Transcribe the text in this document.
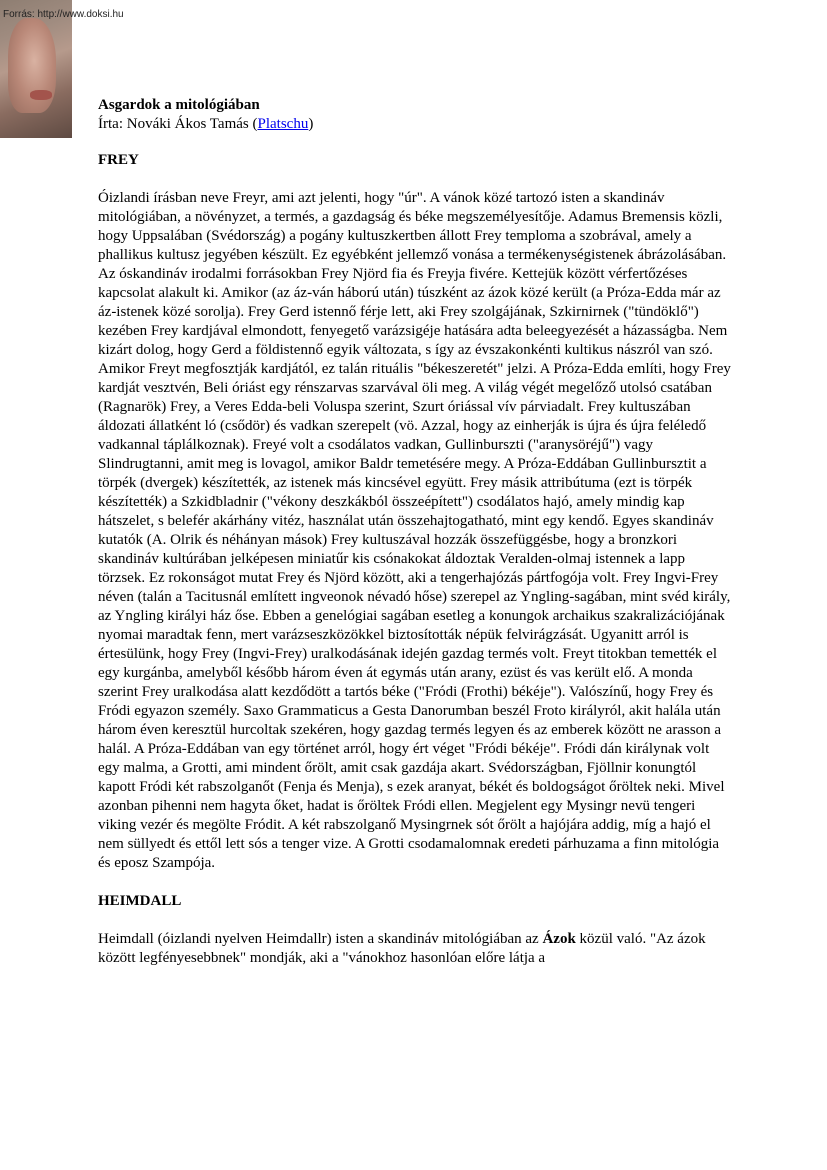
Forrás: http://www.doksi.hu

Asgardok a mitológiában

Írta: Nováki Ákos Tamás (Platschu)

FREY

Óizlandi írásban neve Freyr, ami azt jelenti, hogy "úr". A vánok közé tartozó isten a skandináv mitológiában, a növényzet, a termés, a gazdagság és béke megszemélyesítője. Adamus Bremensis közli, hogy Uppsalában (Svédország) a pogány kultuszkertben állott Frey temploma a szobrával, amely a phallikus kultusz jegyében készült. Ez egyébként jellemző vonása a termékenységistenek ábrázolásában. Az óskandináv irodalmi forrásokban Frey Njörd fia és Freyja fivére. Kettejük között vérfertőzéses kapcsolat alakult ki. Amikor (az áz-ván háború után) túszként az ázok közé került (a Próza-Edda már az áz-istenek közé sorolja). Frey Gerd istennő férje lett, aki Frey szolgájának, Szkirnirnek ("tündöklő") kezében Frey kardjával elmondott, fenyegető varázsigéje hatására adta beleegyezését a házasságba. Nem kizárt dolog, hogy Gerd a földistennő egyik változata, s így az évszakonkénti kultikus nászról van szó. Amikor Freyt megfosztják kardjától, ez talán rituális "békeszeretét" jelzi. A Próza-Edda említi, hogy Frey kardját vesztvén, Beli óriást egy rénszarvas szarvával öli meg. A világ végét megelőző utolsó csatában (Ragnarök) Frey, a Veres Edda-beli Voluspa szerint, Szurt óriással vív párviadalt. Frey kultuszában áldozati állatként ló (csődör) és vadkan szerepelt (vö. Azzal, hogy az einherják is újra és újra feléledő vadkannal táplálkoznak). Freyé volt a csodálatos vadkan, Gullinburszti ("aranysöréjű") vagy Slindrugtanni, amit meg is lovagol, amikor Baldr temetésére megy. A Próza-Eddában Gullinbursztit a törpék (dvergek) készítették, az istenek más kincsével együtt. Frey másik attribútuma (ezt is törpék készítették) a Szkidbladnir ("vékony deszkákból összeépített") csodálatos hajó, amely mindig kap hátszelet, s belefér akárhány vitéz, használat után összehajtogatható, mint egy kendő. Egyes skandináv kutatók (A. Olrik és néhányan mások) Frey kultuszával hozzák összefüggésbe, hogy a bronzkori skandináv kultúrában jelképesen miniatűr kis csónakokat áldoztak Veralden-olmaj istennek a lapp törzsek. Ez rokonságot mutat Frey és Njörd között, aki a tengerhajózás pártfogója volt. Frey Ingvi-Frey néven (talán a Tacitusnál említett ingveonok névadó hőse) szerepel az Yngling-sagában, mint svéd király, az Yngling királyi ház őse. Ebben a genelógiai sagában esetleg a konungok archaikus szakralizációjának nyomai maradtak fenn, mert varázseszközökkel biztosították népük felvirágzását. Ugyanitt arról is értesülünk, hogy Frey (Ingvi-Frey) uralkodásának idején gazdag termés volt. Freyt titokban temették el egy kurgánba, amelyből később három éven át egymás után arany, ezüst és vas került elő. A monda szerint Frey uralkodása alatt kezdődött a tartós béke ("Fródi (Frothi) békéje"). Valószínű, hogy Frey és Fródi egyazon személy. Saxo Grammaticus a Gesta Danorumban beszél Froto királyról, akit halála után három éven keresztül hurcoltak szekéren, hogy gazdag termés legyen és az emberek között ne arasson a halál. A Próza-Eddában van egy történet arról, hogy ért véget "Fródi békéje". Fródi dán királynak volt egy malma, a Grotti, ami mindent őrölt, amit csak gazdája akart. Svédországban, Fjöllnir konungtól kapott Fródi két rabszolganőt (Fenja és Menja), s ezek aranyat, békét és boldogságot őröltek neki. Mivel azonban pihenni nem hagyta őket, hadat is őröltek Fródi ellen. Megjelent egy Mysingr nevü tengeri viking vezér és megölte Fródit. A két rabszolganő Mysingrnek sót őrölt a hajójára addig, míg a hajó el nem süllyedt és ettől lett sós a tenger vize. A Grotti csodamalomnak eredeti párhuzama a finn mitológia és eposz Szampója.

HEIMDALL

Heimdall (óizlandi nyelven Heimdallr) isten a skandináv mitológiában az Ázok közül való. "Az ázok között legfényesebbnek" mondják, aki a "vánokhoz hasonlóan előre látja a
